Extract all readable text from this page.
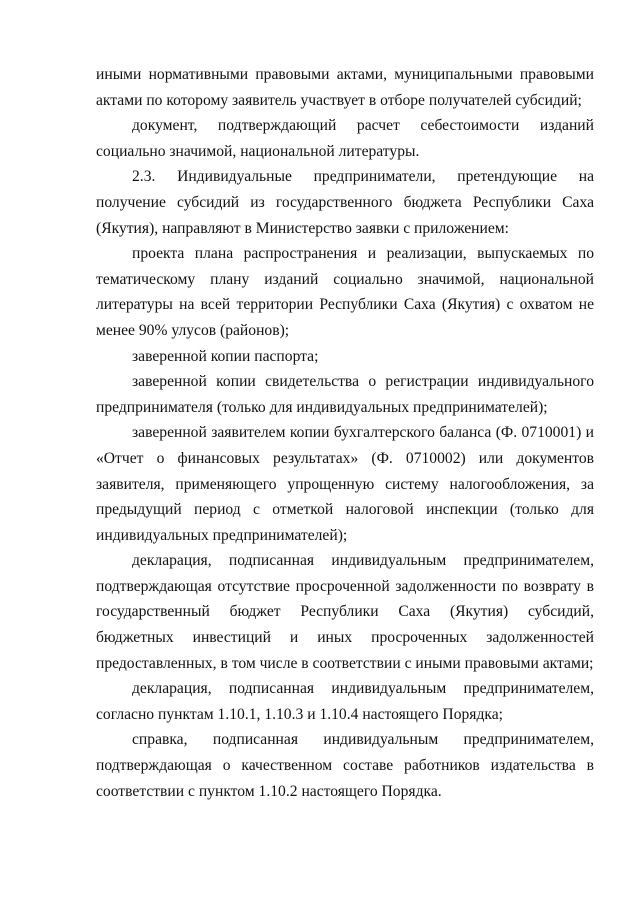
иными нормативными правовыми актами, муниципальными правовыми актами по которому заявитель участвует в отборе получателей субсидий;

документ, подтверждающий расчет себестоимости изданий социально значимой, национальной литературы.

2.3. Индивидуальные предприниматели, претендующие на получение субсидий из государственного бюджета Республики Саха (Якутия), направляют в Министерство заявки с приложением:

проекта плана распространения и реализации, выпускаемых по тематическому плану изданий социально значимой, национальной литературы на всей территории Республики Саха (Якутия) с охватом не менее 90% улусов (районов);

заверенной копии паспорта;

заверенной копии свидетельства о регистрации индивидуального предпринимателя (только для индивидуальных предпринимателей);

заверенной заявителем копии бухгалтерского баланса (Ф. 0710001) и «Отчет о финансовых результатах» (Ф. 0710002) или документов заявителя, применяющего упрощенную систему налогообложения, за предыдущий период с отметкой налоговой инспекции (только для индивидуальных предпринимателей);

декларация, подписанная индивидуальным предпринимателем, подтверждающая отсутствие просроченной задолженности по возврату в государственный бюджет Республики Саха (Якутия) субсидий, бюджетных инвестиций и иных просроченных задолженностей предоставленных, в том числе в соответствии с иными правовыми актами;

декларация, подписанная индивидуальным предпринимателем, согласно пунктам 1.10.1, 1.10.3 и 1.10.4 настоящего Порядка;

справка, подписанная индивидуальным предпринимателем, подтверждающая о качественном составе работников издательства в соответствии с пунктом 1.10.2 настоящего Порядка.
